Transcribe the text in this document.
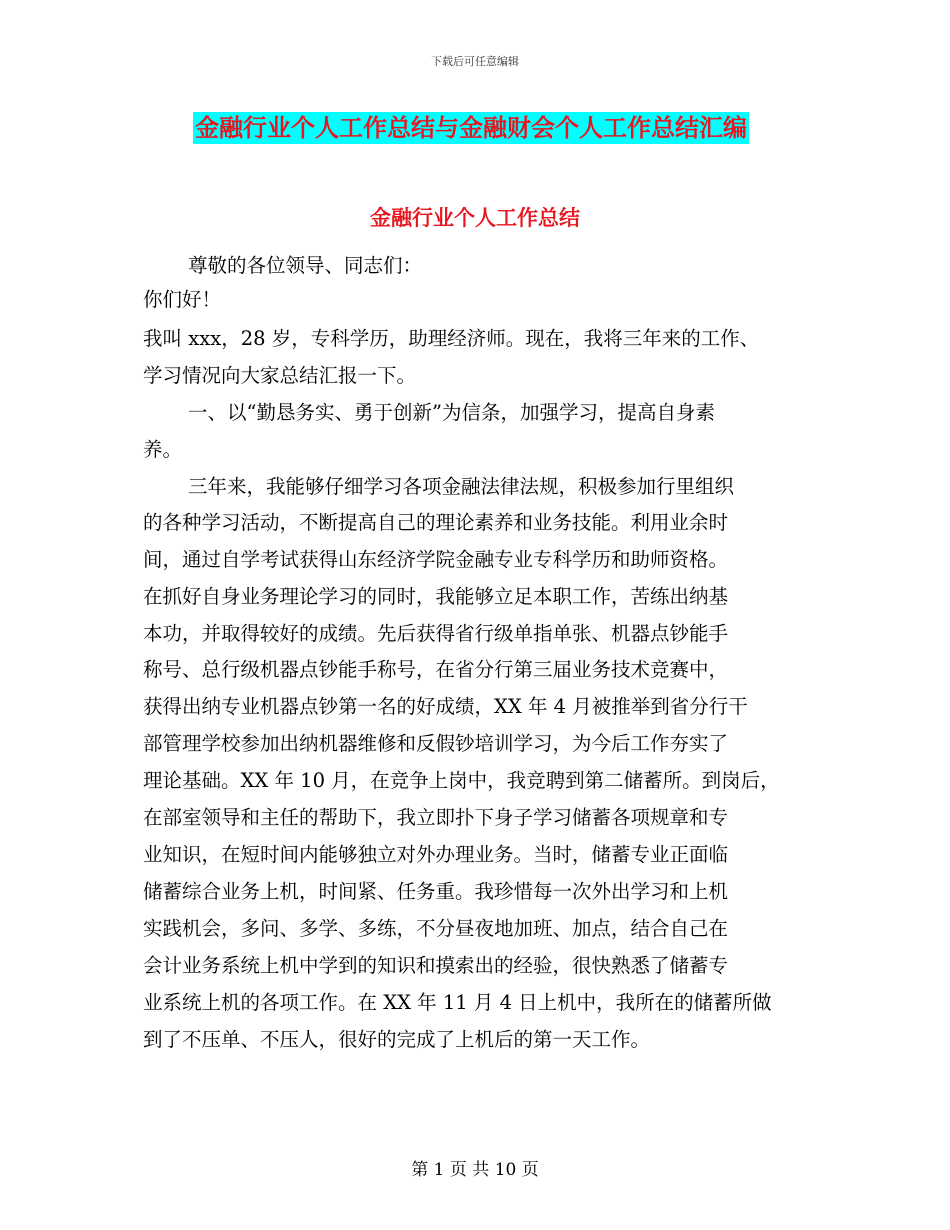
下载后可任意编辑
金融行业个人工作总结与金融财会个人工作总结汇编
金融行业个人工作总结
尊敬的各位领导、同志们：
你们好！
我叫 xxx，28 岁，专科学历，助理经济师。现在，我将三年来的工作、
学习情况向大家总结汇报一下。
一、以“勤恳务实、勇于创新”为信条，加强学习，提高自身素
养。
三年来，我能够仔细学习各项金融法律法规，积极参加行里组织
的各种学习活动，不断提高自己的理论素养和业务技能。利用业余时
间，通过自学考试获得山东经济学院金融专业专科学历和助师资格。
在抓好自身业务理论学习的同时，我能够立足本职工作，苦练出纳基
本功，并取得较好的成绩。先后获得省行级单指单张、机器点钞能手
称号、总行级机器点钞能手称号，在省分行第三届业务技术竞赛中，
获得出纳专业机器点钞第一名的好成绩，XX 年 4 月被推举到省分行干
部管理学校参加出纳机器维修和反假钞培训学习，为今后工作夯实了
理论基础。XX 年 10 月，在竞争上岗中，我竞聘到第二储蓄所。到岗后，
在部室领导和主任的帮助下，我立即扑下身子学习储蓄各项规章和专
业知识，在短时间内能够独立对外办理业务。当时，储蓄专业正面临
储蓄综合业务上机，时间紧、任务重。我珍惜每一次外出学习和上机
实践机会，多问、多学、多练，不分昼夜地加班、加点，结合自己在
会计业务系统上机中学到的知识和摸索出的经验，很快熟悉了储蓄专
业系统上机的各项工作。在 XX 年 11 月 4 日上机中，我所在的储蓄所做
到了不压单、不压人，很好的完成了上机后的第一天工作。
第 1 页 共 10 页
